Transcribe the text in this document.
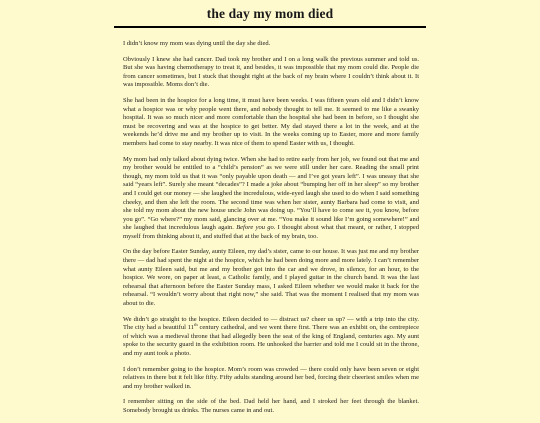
the day my mom died

I didn’t know my mom was dying until the day she died.

Obviously I knew she had cancer. Dad took my brother and I on a long walk the previous summer and told us. But she was having chemotherapy to treat it, and besides, it was impossible that my mom could die. People die from cancer sometimes, but I stuck that thought right at the back of my brain where I couldn’t think about it. It was impossible. Moms don’t die.

She had been in the hospice for a long time, it must have been weeks. I was fifteen years old and I didn’t know what a hospice was or why people went there, and nobody thought to tell me. It seemed to me like a swanky hospital. It was so much nicer and more comfortable than the hospital she had been in before, so I thought she must be recovering and was at the hospice to get better. My dad stayed there a lot in the week, and at the weekends he’d drive me and my brother up to visit. In the weeks coming up to Easter, more and more family members had come to stay nearby. It was nice of them to spend Easter with us, I thought.

My mom had only talked about dying twice. When she had to retire early from her job, we found out that me and my brother would be entitled to a “child’s pension” as we were still under her care. Reading the small print though, my mom told us that it was “only payable upon death — and I’ve got years left”. I was uneasy that she said “years left”. Surely she meant “decades”? I made a joke about “bumping her off in her sleep” so my brother and I could get our money — she laughed the incredulous, wide-eyed laugh she used to do when I said something cheeky, and then she left the room. The second time was when her sister, aunty Barbara had come to visit, and she told my mom about the new house uncle John was doing up. “You’ll have to come see it, you know, before you go”. “Go where?” my mom said, glancing over at me. “You make it sound like I’m going somewhere!” and she laughed that incredulous laugh again. Before you go. I thought about what that meant, or rather, I stopped myself from thinking about it, and stuffed that at the back of my brain, too.

On the day before Easter Sunday, aunty Eileen, my dad’s sister, came to our house. It was just me and my brother there — dad had spent the night at the hospice, which he had been doing more and more lately. I can’t remember what aunty Eileen said, but me and my brother got into the car and we drove, in silence, for an hour, to the hospice. We wore, on paper at least, a Catholic family, and I played guitar in the church band. It was the last rehearsal that afternoon before the Easter Sunday mass, I asked Eileen whether we would make it back for the rehearsal. “I wouldn’t worry about that right now,” she said. That was the moment I realised that my mom was about to die.

We didn’t go straight to the hospice. Eileen decided to — distract us? cheer us up? — with a trip into the city. The city had a beautiful 11th century cathedral, and we went there first. There was an exhibit on, the centrepiece of which was a medieval throne that had allegedly been the seat of the king of England, centuries ago. My aunt spoke to the security guard in the exhibition room. He unhooked the barrier and told me I could sit in the throne, and my aunt took a photo.

I don’t remember going to the hospice. Mom’s room was crowded — there could only have been seven or eight relatives in there but it felt like fifty. Fifty adults standing around her bed, forcing their cheeriest smiles when me and my brother walked in.

I remember sitting on the side of the bed. Dad held her hand, and I stroked her feet through the blanket. Somebody brought us drinks. The nurses came in and out.
